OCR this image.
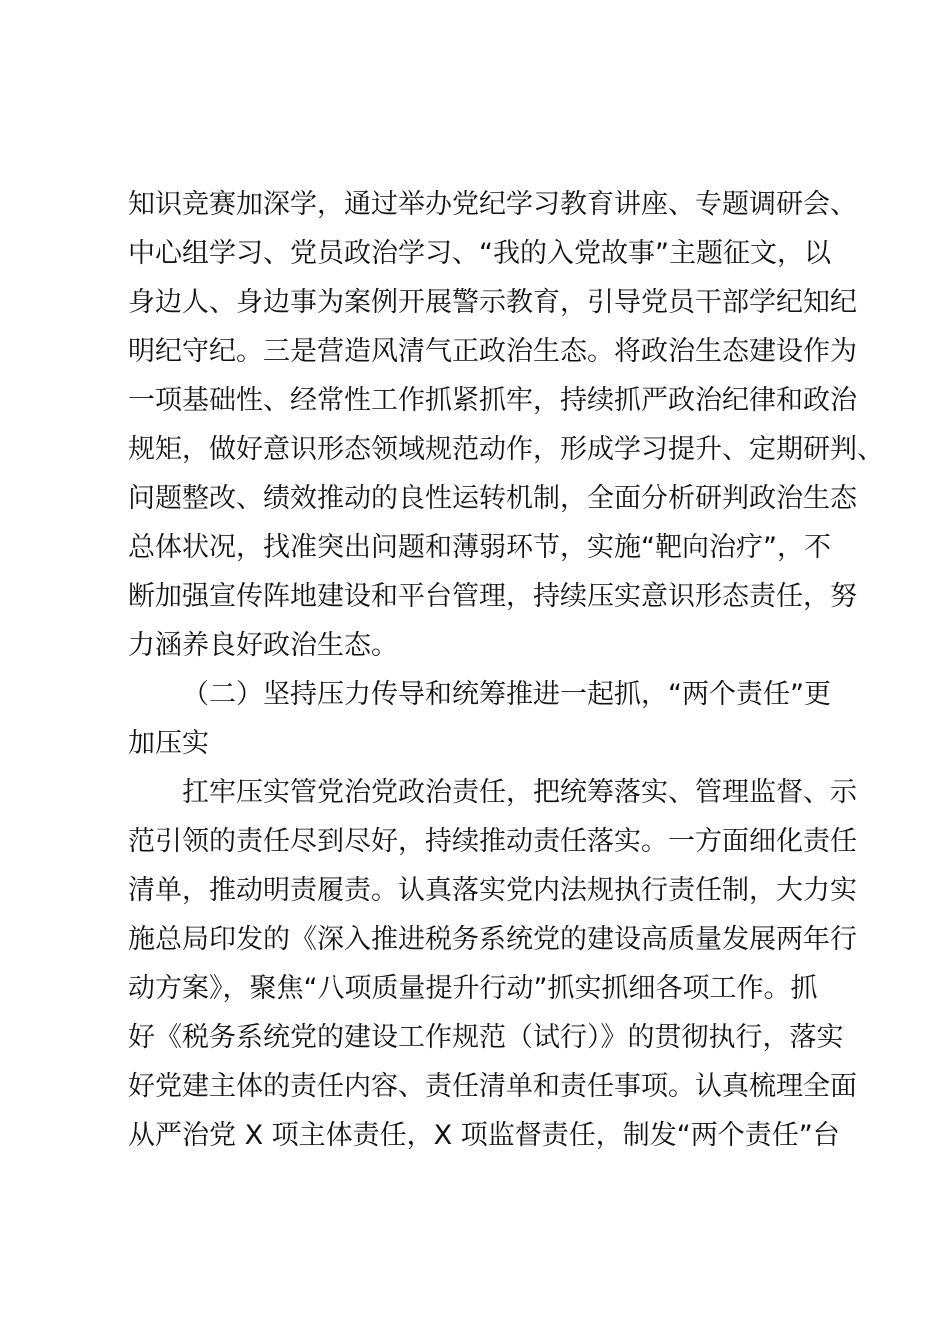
知识竞赛加深学，通过举办党纪学习教育讲座、专题调研会、
中心组学习、党员政治学习、“我的入党故事”主题征文，以
身边人、身边事为案例开展警示教育，引导党员干部学纪知纪
明纪守纪。三是营造风清气正政治生态。将政治生态建设作为
一项基础性、经常性工作抓紧抓牢，持续抓严政治纪律和政治
规矩，做好意识形态领域规范动作，形成学习提升、定期研判、
问题整改、绩效推动的良性运转机制，全面分析研判政治生态
总体状况，找准突出问题和薄弱环节，实施“靶向治疗”，不
断加强宣传阵地建设和平台管理，持续压实意识形态责任，努
力涵养良好政治生态。
（二）坚持压力传导和统筹推进一起抓，“两个责任”更
加压实
扛牢压实管党治党政治责任，把统筹落实、管理监督、示
范引领的责任尽到尽好，持续推动责任落实。一方面细化责任
清单，推动明责履责。认真落实党内法规执行责任制，大力实
施总局印发的《深入推进税务系统党的建设高质量发展两年行
动方案》，聚焦“八项质量提升行动”抓实抓细各项工作。抓
好《税务系统党的建设工作规范（试行）》的贯彻执行，落实
好党建主体的责任内容、责任清单和责任事项。认真梳理全面
从严治党 X 项主体责任，X 项监督责任，制发“两个责任”台
